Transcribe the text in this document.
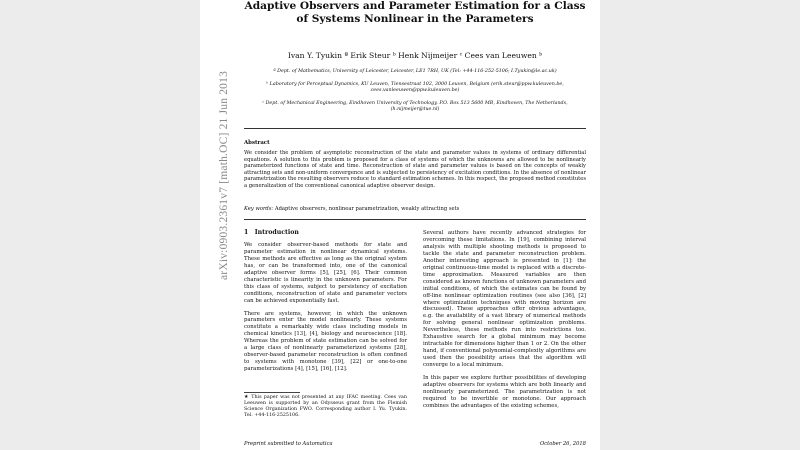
arXiv:0903.2361v7 [math.OC] 21 Jun 2013
Adaptive Observers and Parameter Estimation for a Class
of Systems Nonlinear in the Parameters
Ivan Y. Tyukin ª Erik Steur ᵇ Henk Nijmeijer ᶜ Cees van Leeuwen ᵇ
ª Dept. of Mathematics, University of Leicester, Leicester, LE1 7RH, UK (Tel: +44-116-252-5106; I.Tyukin@le.ac.uk)
ᵇ Laboratory for Perceptual Dynamics, KU Leuven, Tiensestraat 102, 3000 Leuven, Belgium (erik.steur@ppw.kuleuven.be, cees.vanleeuwen@ppw.kuleuven.be)
ᶜ Dept. of Mechanical Engineering, Eindhoven University of Technology, P.O. Box 513 5600 MB, Eindhoven, The Netherlands, (h.nijmeijer@tue.nl)
Abstract
We consider the problem of asymptotic reconstruction of the state and parameter values in systems of ordinary differential equations. A solution to this problem is proposed for a class of systems of which the unknowns are allowed to be nonlinearly parameterized functions of state and time. Reconstruction of state and parameter values is based on the concepts of weakly attracting sets and non-uniform convergence and is subjected to persistency of excitation conditions. In the absence of nonlinear parametrization the resulting observers reduce to standard estimation schemes. In this respect, the proposed method constitutes a generalization of the conventional canonical adaptive observer design.
Key words: Adaptive observers, nonlinear parametrization, weakly attracting sets
1 Introduction

We consider observer-based methods for state and parameter estimation in nonlinear dynamical systems. These methods are effective as long as the original system has, or can be transformed into, one of the canonical adaptive observer forms [5], [25], [6]. Their common characteristic is linearity in the unknown parameters. For this class of systems, subject to persistency of excitation conditions, reconstruction of state and parameter vectors can be achieved exponentially fast.

There are systems, however, in which the unknown parameters enter the model nonlinearly. These systems constitute a remarkably wide class including models in chemical kinetics [13], [4], biology and neuroscience [18]. Whereas the problem of state estimation can be solved for a large class of nonlinearly parameterized systems [28], observer-based parameter reconstruction is often confined to systems with monotone [39], [22] or one-to-one parameterizations [4], [15], [16], [12].

Several authors have recently advanced strategies for overcoming these limitations. In [19], combining interval analysis with multiple shooting methods is proposed to tackle the state and parameter reconstruction problem. Another interesting approach is presented in [1]: the original continuous-time model is replaced with a discrete-time approximation. Measured variables are then considered as known functions of unknown parameters and initial conditions, of which the estimates can be found by off-line nonlinear optimization routines (see also [36], [2] where optimization techniques with moving horizon are discussed). These approaches offer obvious advantages, e.g. the availability of a vast library of numerical methods for solving general nonlinear optimization problems. Nevertheless, these methods run into restrictions too. Exhaustive search for a global minimum may become intractable for dimensions higher than 1 or 2. On the other hand, if conventional polynomial-complexity algorithms are used then the possibility arises that the algorithm will converge to a local minimum.

In this paper we explore further possibilities of developing adaptive observers for systems which are both linearly and nonlinearly parameterized. The parametrization is not required to be invertible or monotone. Our approach combines the advantages of the existing schemes,

★ This paper was not presented at any IFAC meeting. Cees van Leeuwen is supported by an Odysseus grant from the Flemish Science Organization FWO. Corresponding author I. Yu. Tyukin. Tel. +44-116-2525106.
Preprint submitted to Automatica	October 26, 2018
